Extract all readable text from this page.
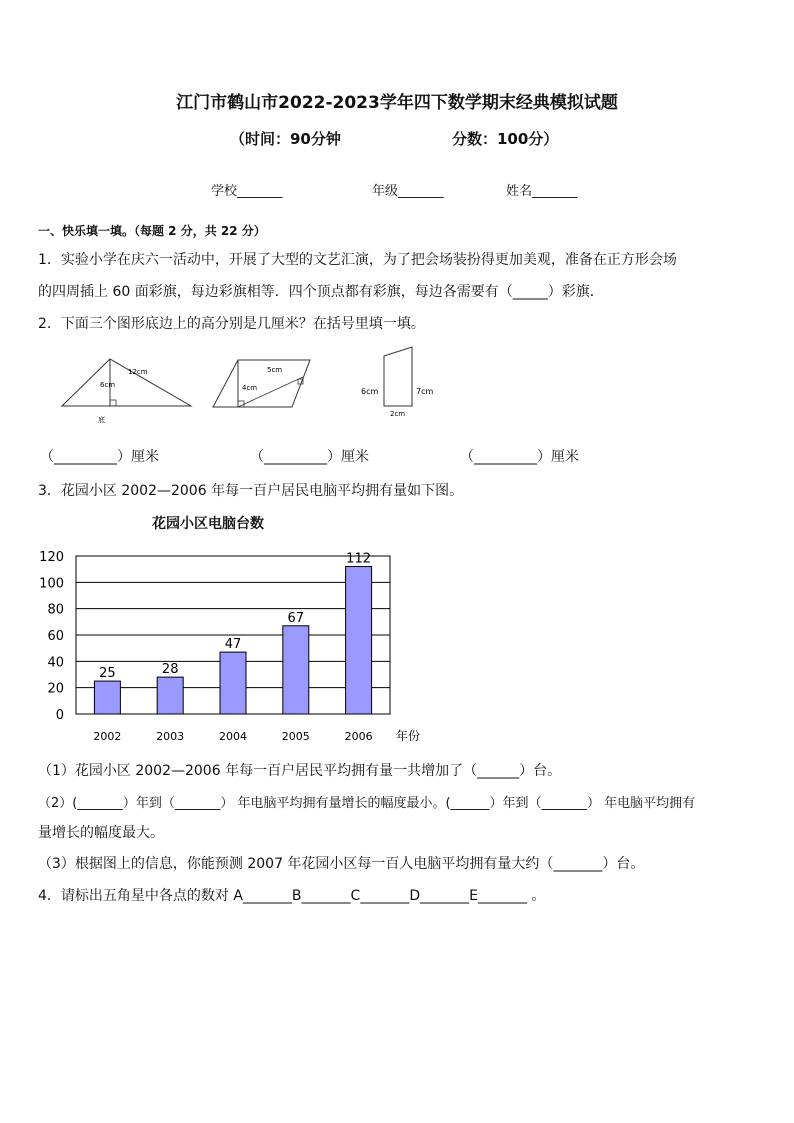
江门市鹤山市2022-2023学年四下数学期末经典模拟试题
（时间：90分钟	分数：100分）
学校_______	年级_______	姓名_______
一、快乐填一填。（每题 2 分，共 22 分）
1．实验小学在庆六一活动中，开展了大型的文艺汇演，为了把会场装扮得更加美观，准备在正方形会场
的四周插上 60 面彩旗，每边彩旗相等．四个顶点都有彩旗，每边各需要有（_____）彩旗．
2．下面三个图形底边上的高分别是几厘米？在括号里填一填。
12cm
6cm
底
5cm
4cm	6cm	7cm
2cm
（_________）厘米	（_________）厘米	（_________）厘米
3．花园小区 2002—2006 年每一百户居民电脑平均拥有量如下图。
花园小区电脑台数
0
20
40
60
80
100
120
25
2002
28
2003
47
2004
67
2005
112
2006 年份
（1）花园小区 2002—2006 年每一百户居民平均拥有量一共增加了（______）台。
（2）(_______）年到（_______） 年电脑平均拥有量增长的幅度最小。(______）年到（_______） 年电脑平均拥有
量增长的幅度最大。
（3）根据图上的信息，你能预测 2007 年花园小区每一百人电脑平均拥有量大约（_______）台。
4．请标出五角星中各点的数对 A_______B_______C_______D_______E_______ 。
